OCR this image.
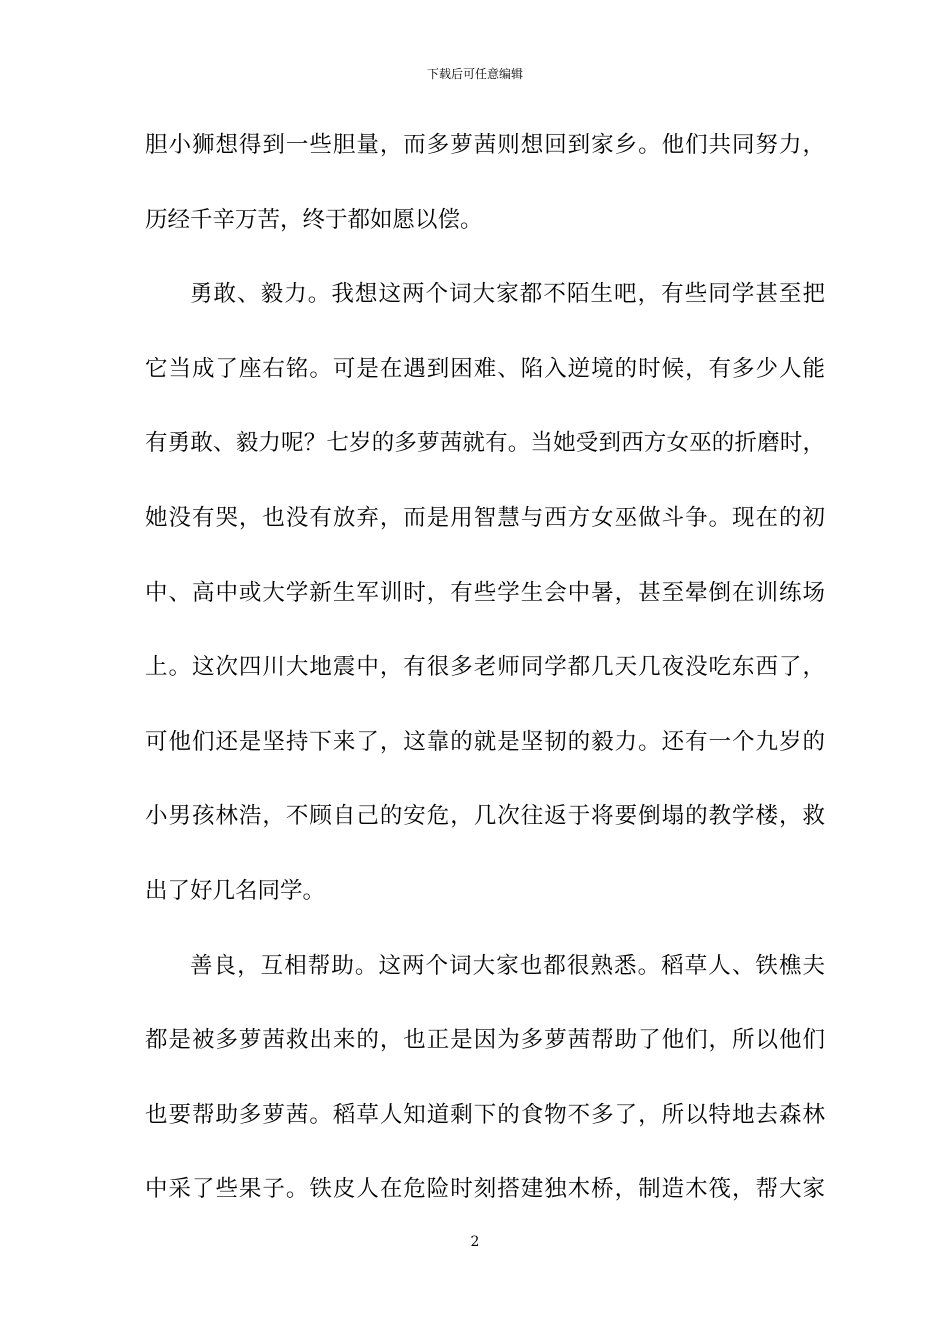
下载后可任意编辑
胆小狮想得到一些胆量，而多萝茜则想回到家乡。他们共同努力，
历经千辛万苦，终于都如愿以偿。
勇敢、毅力。我想这两个词大家都不陌生吧，有些同学甚至把
它当成了座右铭。可是在遇到困难、陷入逆境的时候，有多少人能
有勇敢、毅力呢？七岁的多萝茜就有。当她受到西方女巫的折磨时，
她没有哭，也没有放弃，而是用智慧与西方女巫做斗争。现在的初
中、高中或大学新生军训时，有些学生会中暑，甚至晕倒在训练场
上。这次四川大地震中，有很多老师同学都几天几夜没吃东西了，
可他们还是坚持下来了，这靠的就是坚韧的毅力。还有一个九岁的
小男孩林浩，不顾自己的安危，几次往返于将要倒塌的教学楼，救
出了好几名同学。
善良，互相帮助。这两个词大家也都很熟悉。稻草人、铁樵夫
都是被多萝茜救出来的，也正是因为多萝茜帮助了他们，所以他们
也要帮助多萝茜。稻草人知道剩下的食物不多了，所以特地去森林
中采了些果子。铁皮人在危险时刻搭建独木桥，制造木筏，帮大家
2
